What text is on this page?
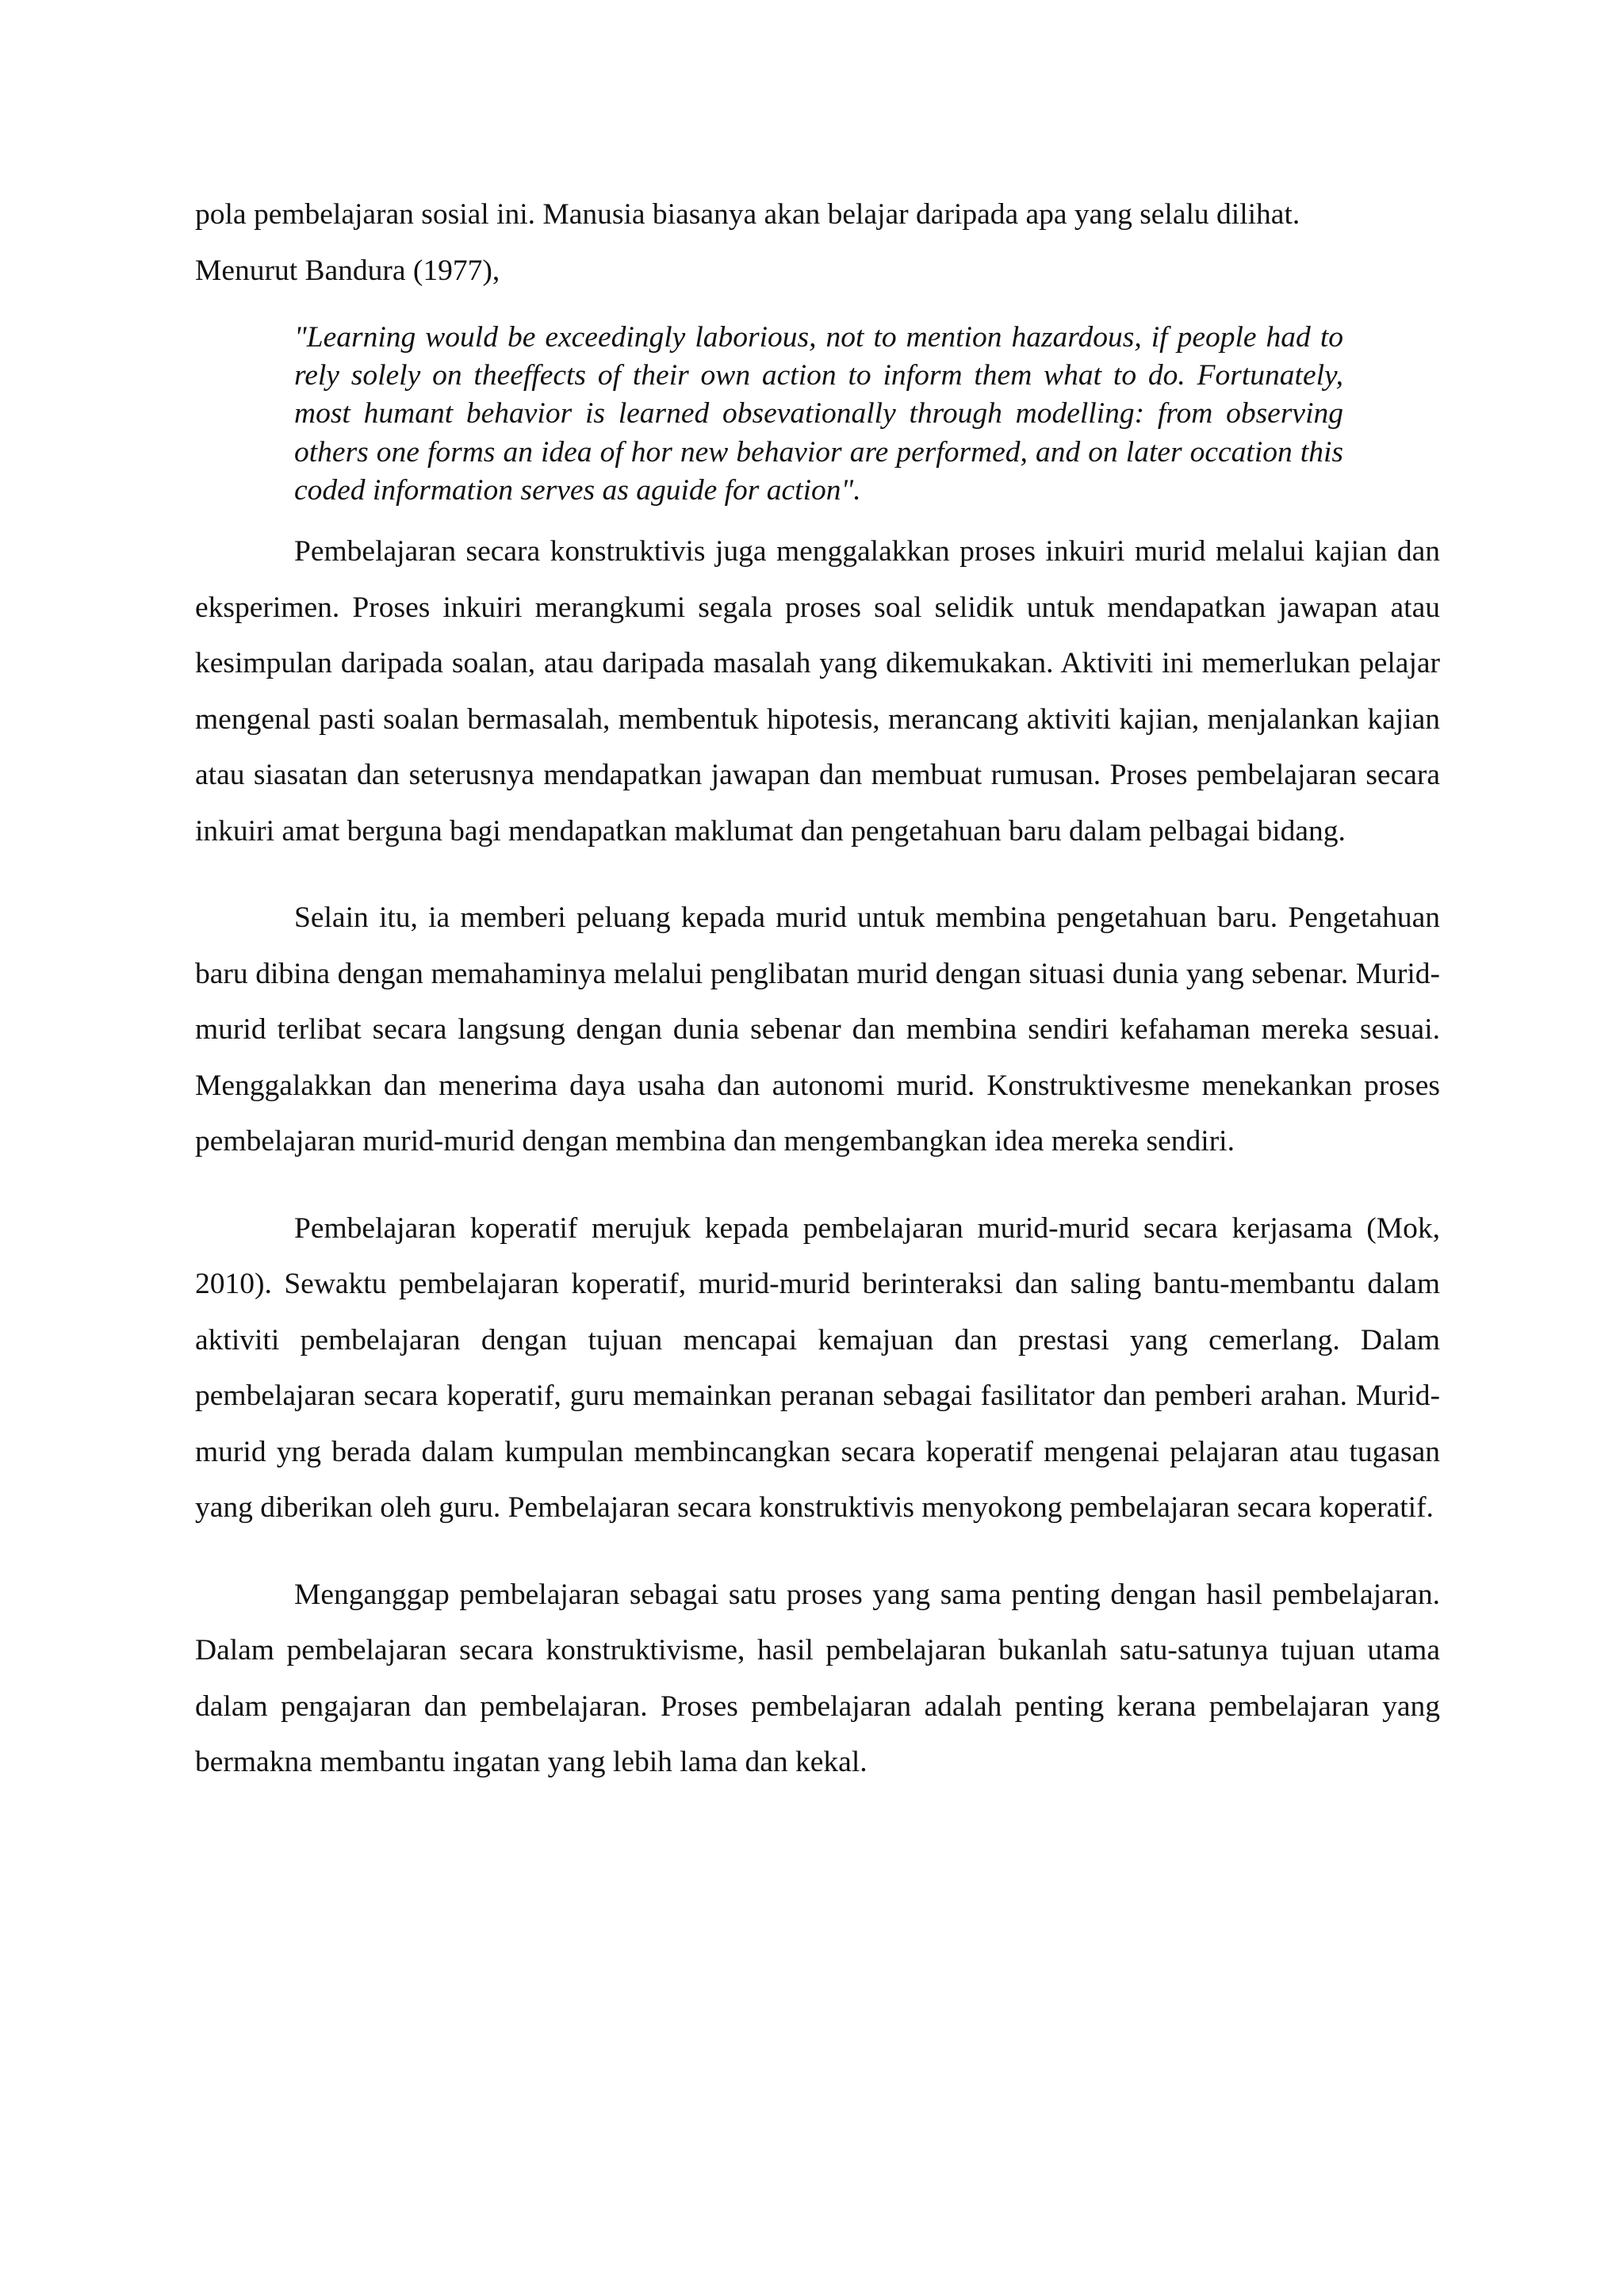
pola pembelajaran sosial ini. Manusia biasanya akan belajar daripada apa yang selalu dilihat.

Menurut Bandura (1977),

"Learning would be exceedingly laborious, not to mention hazardous, if people had to rely solely on theeffects of their own action to inform them what to do. Fortunately, most humant behavior is learned obsevationally through modelling: from observing others one forms an idea of hor new behavior are performed, and on later occation this coded information serves as aguide for action".

Pembelajaran secara konstruktivis juga menggalakkan proses inkuiri murid melalui kajian dan eksperimen. Proses inkuiri merangkumi segala proses soal selidik untuk mendapatkan jawapan atau kesimpulan daripada soalan, atau daripada masalah yang dikemukakan. Aktiviti ini memerlukan pelajar mengenal pasti soalan bermasalah, membentuk hipotesis, merancang aktiviti kajian, menjalankan kajian atau siasatan dan seterusnya mendapatkan jawapan dan membuat rumusan. Proses pembelajaran secara inkuiri amat berguna bagi mendapatkan maklumat dan pengetahuan baru dalam pelbagai bidang.

Selain itu, ia memberi peluang kepada murid untuk membina pengetahuan baru. Pengetahuan baru dibina dengan memahaminya melalui penglibatan murid dengan situasi dunia yang sebenar. Murid-murid terlibat secara langsung dengan dunia sebenar dan membina sendiri kefahaman mereka sesuai. Menggalakkan dan menerima daya usaha dan autonomi murid. Konstruktivesme menekankan proses pembelajaran murid-murid dengan membina dan mengembangkan idea mereka sendiri.

Pembelajaran koperatif merujuk kepada pembelajaran murid-murid secara kerjasama (Mok, 2010). Sewaktu pembelajaran koperatif, murid-murid berinteraksi dan saling bantu-membantu dalam aktiviti pembelajaran dengan tujuan mencapai kemajuan dan prestasi yang cemerlang. Dalam pembelajaran secara koperatif, guru memainkan peranan sebagai fasilitator dan pemberi arahan. Murid-murid yng berada dalam kumpulan membincangkan secara koperatif mengenai pelajaran atau tugasan yang diberikan oleh guru. Pembelajaran secara konstruktivis menyokong pembelajaran secara koperatif.

Menganggap pembelajaran sebagai satu proses yang sama penting dengan hasil pembelajaran. Dalam pembelajaran secara konstruktivisme, hasil pembelajaran bukanlah satu-satunya tujuan utama dalam pengajaran dan pembelajaran. Proses pembelajaran adalah penting kerana pembelajaran yang bermakna membantu ingatan yang lebih lama dan kekal.
